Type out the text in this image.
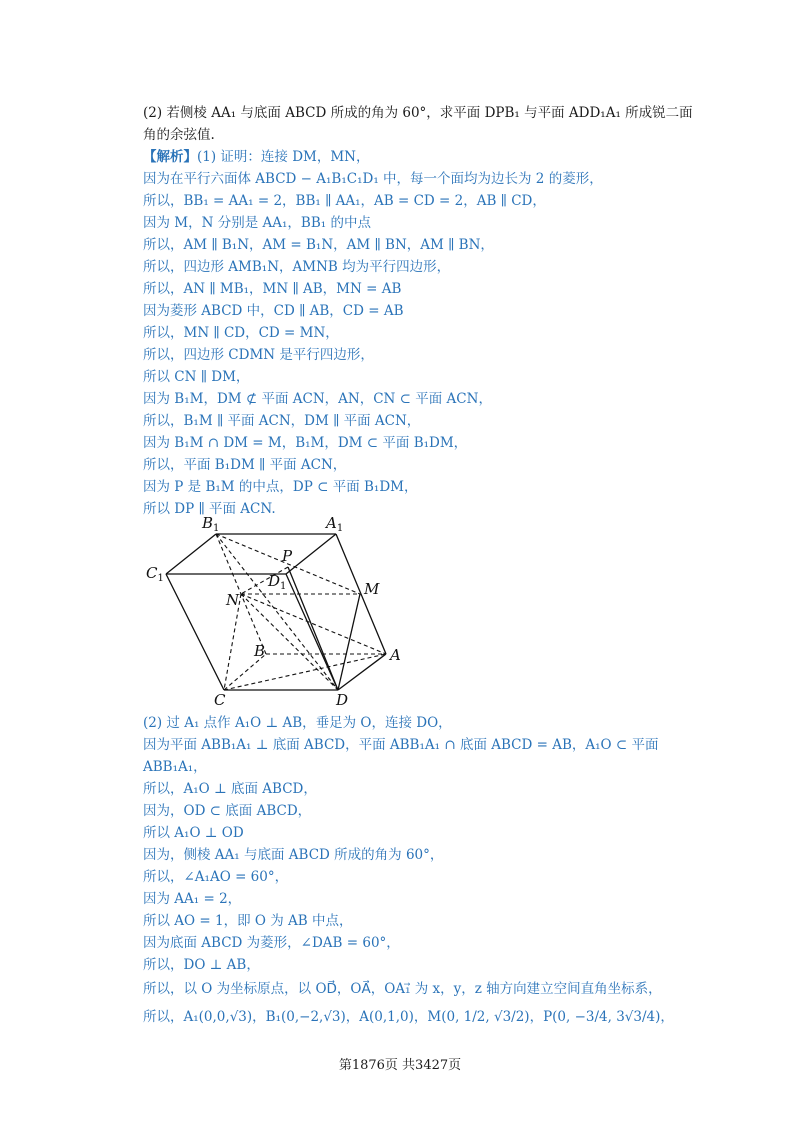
(2) 若侧棱 AA₁ 与底面 ABCD 所成的角为 60°，求平面 DPB₁ 与平面 ADD₁A₁ 所成锐二面
角的余弦值.
【解析】(1) 证明：连接 DM，MN，
因为在平行六面体 ABCD − A₁B₁C₁D₁ 中，每一个面均为边长为 2 的菱形，
所以，BB₁ = AA₁ = 2，BB₁ ∥ AA₁，AB = CD = 2，AB ∥ CD，
因为 M，N 分别是 AA₁，BB₁ 的中点
所以，AM ∥ B₁N，AM = B₁N，AM ∥ BN，AM ∥ BN，
所以，四边形 AMB₁N，AMNB 均为平行四边形，
所以，AN ∥ MB₁，MN ∥ AB，MN = AB
因为菱形 ABCD 中，CD ∥ AB，CD = AB
所以，MN ∥ CD，CD = MN，
所以，四边形 CDMN 是平行四边形，
所以 CN ∥ DM，
因为 B₁M，DM ⊄ 平面 ACN，AN，CN ⊂ 平面 ACN，
所以，B₁M ∥ 平面 ACN，DM ∥ 平面 ACN，
因为 B₁M ∩ DM = M，B₁M，DM ⊂ 平面 B₁DM，
所以，平面 B₁DM ∥ 平面 ACN，
因为 P 是 B₁M 的中点，DP ⊂ 平面 B₁DM，
所以 DP ∥ 平面 ACN.
$B_1$	$A_1$
$C_1$
P
$D_1$	M
N
B	A
C	D
(2) 过 A₁ 点作 A₁O ⊥ AB，垂足为 O，连接 DO，
因为平面 ABB₁A₁ ⊥ 底面 ABCD，平面 ABB₁A₁ ∩ 底面 ABCD = AB，A₁O ⊂ 平面
ABB₁A₁，
所以，A₁O ⊥ 底面 ABCD，
因为，OD ⊂ 底面 ABCD，
所以 A₁O ⊥ OD
因为，侧棱 AA₁ 与底面 ABCD 所成的角为 60°，
所以，∠A₁AO = 60°，
因为 AA₁ = 2，
所以 AO = 1，即 O 为 AB 中点，
因为底面 ABCD 为菱形，∠DAB = 60°，
所以，DO ⊥ AB，
所以，以 O 为坐标原点，以 OD⃗，OA⃗，OA₁⃗ 为 x，y，z 轴方向建立空间直角坐标系，
所以，A₁(0,0,√3)，B₁(0,−2,√3)，A(0,1,0)，M(0, 1/2, √3/2)，P(0, −3/4, 3√3/4)，
第1876页 共3427页
